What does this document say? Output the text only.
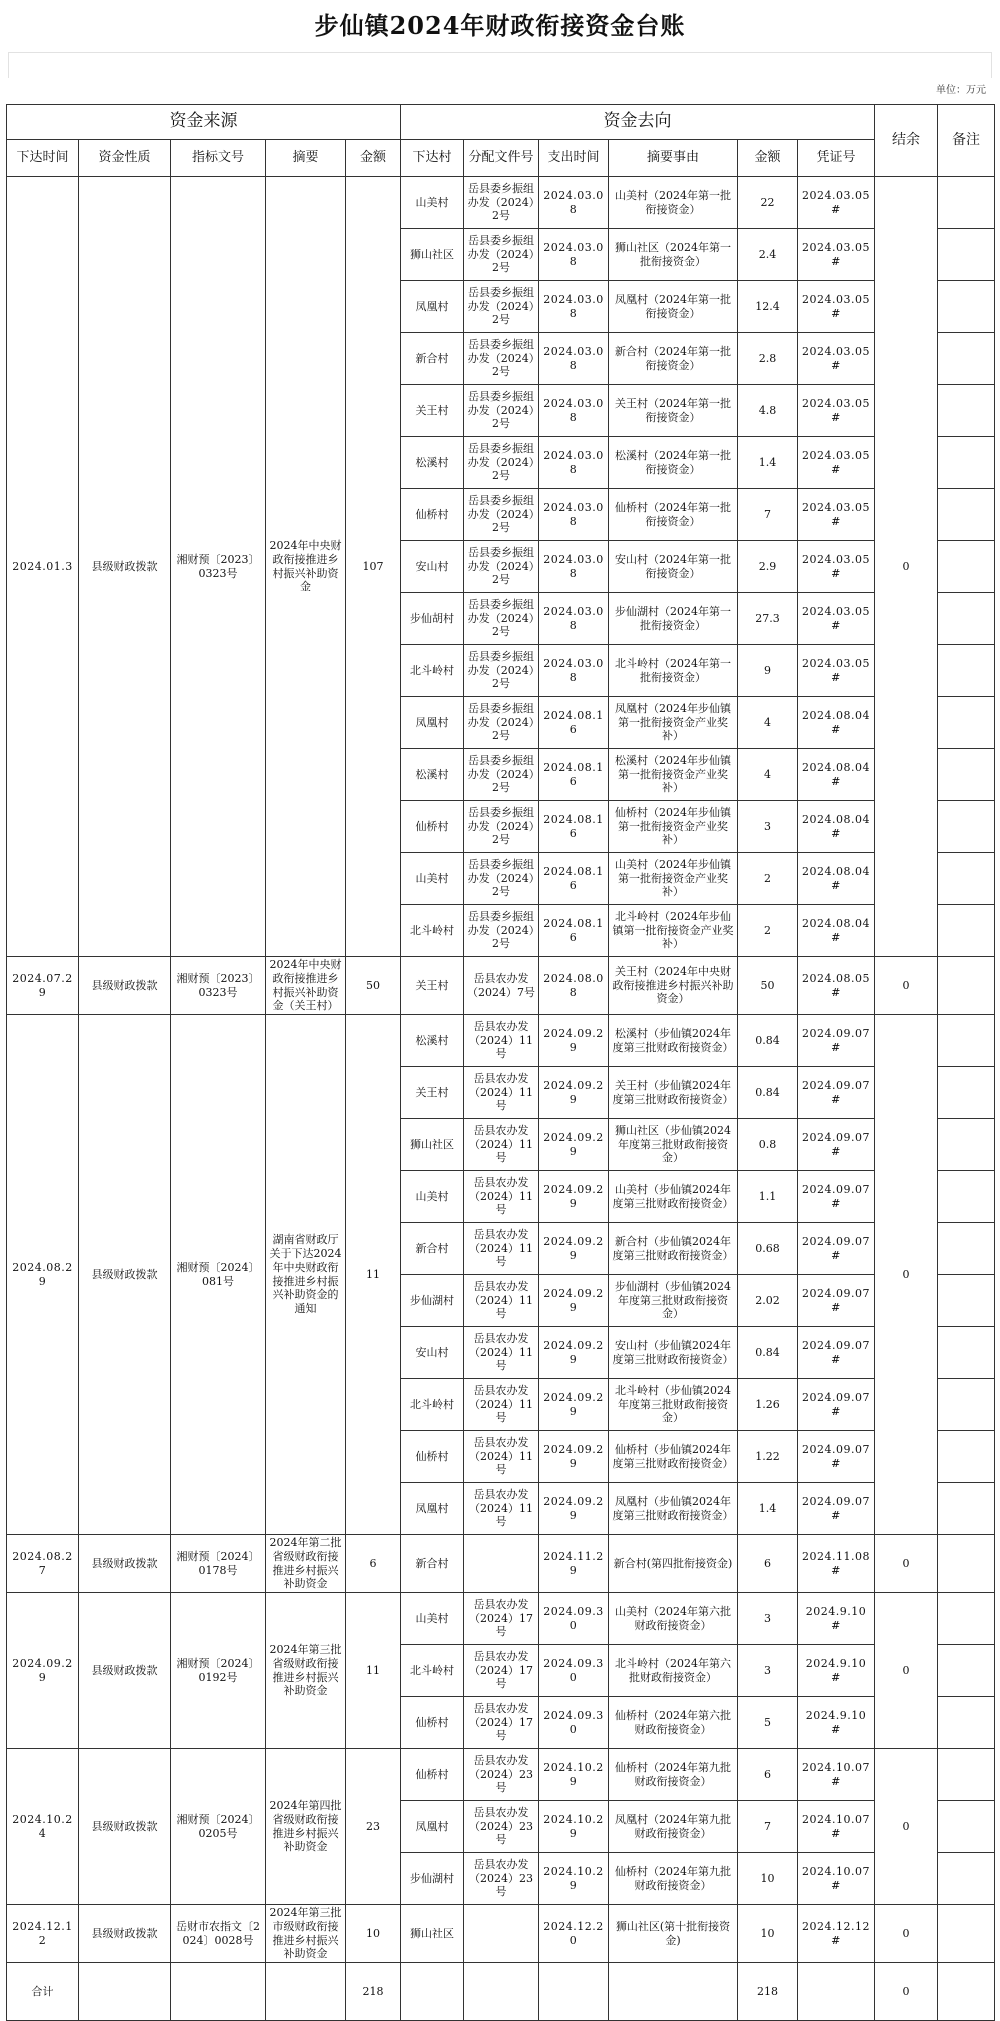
步仙镇2024年财政衔接资金台账
单位：万元
资金来源					资金去向						结余	备注
下达时间	资金性质	指标文号	摘要	金额	下达村	分配文件号	支出时间	摘要事由	金额	凭证号		
2024.01.3	县级财政拨款	湘财预〔2023〕0323号	2024年中央财政衔接推进乡村振兴补助资金	107	山美村	岳县委乡振组办发（2024）2号	2024.03.08	山美村（2024年第一批衔接资金）	22	2024.03.05#	0	
					狮山社区	岳县委乡振组办发（2024）2号	2024.03.08	狮山社区（2024年第一批衔接资金）	2.4	2024.03.05#		
					凤凰村	岳县委乡振组办发（2024）2号	2024.03.08	凤凰村（2024年第一批衔接资金）	12.4	2024.03.05#		
					新合村	岳县委乡振组办发（2024）2号	2024.03.08	新合村（2024年第一批衔接资金）	2.8	2024.03.05#		
					关王村	岳县委乡振组办发（2024）2号	2024.03.08	关王村（2024年第一批衔接资金）	4.8	2024.03.05#		
					松溪村	岳县委乡振组办发（2024）2号	2024.03.08	松溪村（2024年第一批衔接资金）	1.4	2024.03.05#		
					仙桥村	岳县委乡振组办发（2024）2号	2024.03.08	仙桥村（2024年第一批衔接资金）	7	2024.03.05#		
					安山村	岳县委乡振组办发（2024）2号	2024.03.08	安山村（2024年第一批衔接资金）	2.9	2024.03.05#		
					步仙胡村	岳县委乡振组办发（2024）2号	2024.03.08	步仙湖村（2024年第一批衔接资金）	27.3	2024.03.05#		
					北斗岭村	岳县委乡振组办发（2024）2号	2024.03.08	北斗岭村（2024年第一批衔接资金）	9	2024.03.05#		
					凤凰村	岳县委乡振组办发（2024）2号	2024.08.16	凤凰村（2024年步仙镇第一批衔接资金产业奖补）	4	2024.08.04#		
					松溪村	岳县委乡振组办发（2024）2号	2024.08.16	松溪村（2024年步仙镇第一批衔接资金产业奖补）	4	2024.08.04#		
					仙桥村	岳县委乡振组办发（2024）2号	2024.08.16	仙桥村（2024年步仙镇第一批衔接资金产业奖补）	3	2024.08.04#		
					山美村	岳县委乡振组办发（2024）2号	2024.08.16	山美村（2024年步仙镇第一批衔接资金产业奖补）	2	2024.08.04#		
					北斗岭村	岳县委乡振组办发（2024）2号	2024.08.16	北斗岭村（2024年步仙镇第一批衔接资金产业奖补）	2	2024.08.04#		
2024.07.29	县级财政拨款	湘财预〔2023〕0323号	2024年中央财政衔接推进乡村振兴补助资金（关王村）	50	关王村	岳县农办发（2024）7号	2024.08.08	关王村（2024年中央财政衔接推进乡村振兴补助资金）	50	2024.08.05#	0	
2024.08.29	县级财政拨款	湘财预〔2024〕081号	湖南省财政厅关于下达2024年中央财政衔接推进乡村振兴补助资金的通知	11	松溪村	岳县农办发（2024）11号	2024.09.29	松溪村（步仙镇2024年度第三批财政衔接资金）	0.84	2024.09.07#	0	
					关王村	岳县农办发（2024）11号	2024.09.29	关王村（步仙镇2024年度第三批财政衔接资金）	0.84	2024.09.07#		
					狮山社区	岳县农办发（2024）11号	2024.09.29	狮山社区（步仙镇2024年度第三批财政衔接资金）	0.8	2024.09.07#		
					山美村	岳县农办发（2024）11号	2024.09.29	山美村（步仙镇2024年度第三批财政衔接资金）	1.1	2024.09.07#		
					新合村	岳县农办发（2024）11号	2024.09.29	新合村（步仙镇2024年度第三批财政衔接资金）	0.68	2024.09.07#		
					步仙湖村	岳县农办发（2024）11号	2024.09.29	步仙湖村（步仙镇2024年度第三批财政衔接资金）	2.02	2024.09.07#		
					安山村	岳县农办发（2024）11号	2024.09.29	安山村（步仙镇2024年度第三批财政衔接资金）	0.84	2024.09.07#		
					北斗岭村	岳县农办发（2024）11号	2024.09.29	北斗岭村（步仙镇2024年度第三批财政衔接资金）	1.26	2024.09.07#		
					仙桥村	岳县农办发（2024）11号	2024.09.29	仙桥村（步仙镇2024年度第三批财政衔接资金）	1.22	2024.09.07#		
					凤凰村	岳县农办发（2024）11号	2024.09.29	凤凰村（步仙镇2024年度第三批财政衔接资金）	1.4	2024.09.07#		
2024.08.27	县级财政拨款	湘财预〔2024〕0178号	2024年第二批省级财政衔接推进乡村振兴补助资金	6	新合村		2024.11.29	新合村(第四批衔接资金)	6	2024.11.08#	0	
2024.09.29	县级财政拨款	湘财预〔2024〕0192号	2024年第三批省级财政衔接推进乡村振兴补助资金	11	山美村	岳县农办发（2024）17号	2024.09.30	山美村（2024年第六批财政衔接资金）	3	2024.9.10#	0	
					北斗岭村	岳县农办发（2024）17号	2024.09.30	北斗岭村（2024年第六批财政衔接资金）	3	2024.9.10#		
					仙桥村	岳县农办发（2024）17号	2024.09.30	仙桥村（2024年第六批财政衔接资金）	5	2024.9.10#		
2024.10.24	县级财政拨款	湘财预〔2024〕0205号	2024年第四批省级财政衔接推进乡村振兴补助资金	23	仙桥村	岳县农办发（2024）23号	2024.10.29	仙桥村（2024年第九批财政衔接资金）	6	2024.10.07#	0	
					凤凰村	岳县农办发（2024）23号	2024.10.29	凤凰村（2024年第九批财政衔接资金）	7	2024.10.07#		
					步仙湖村	岳县农办发（2024）23号	2024.10.29	仙桥村（2024年第九批财政衔接资金）	10	2024.10.07#		
2024.12.12	县级财政拨款	岳财市农指文〔2024〕0028号	2024年第三批市级财政衔接推进乡村振兴补助资金	10	狮山社区		2024.12.20	狮山社区(第十批衔接资金)	10	2024.12.12#	0	
合计				218					218		0	
